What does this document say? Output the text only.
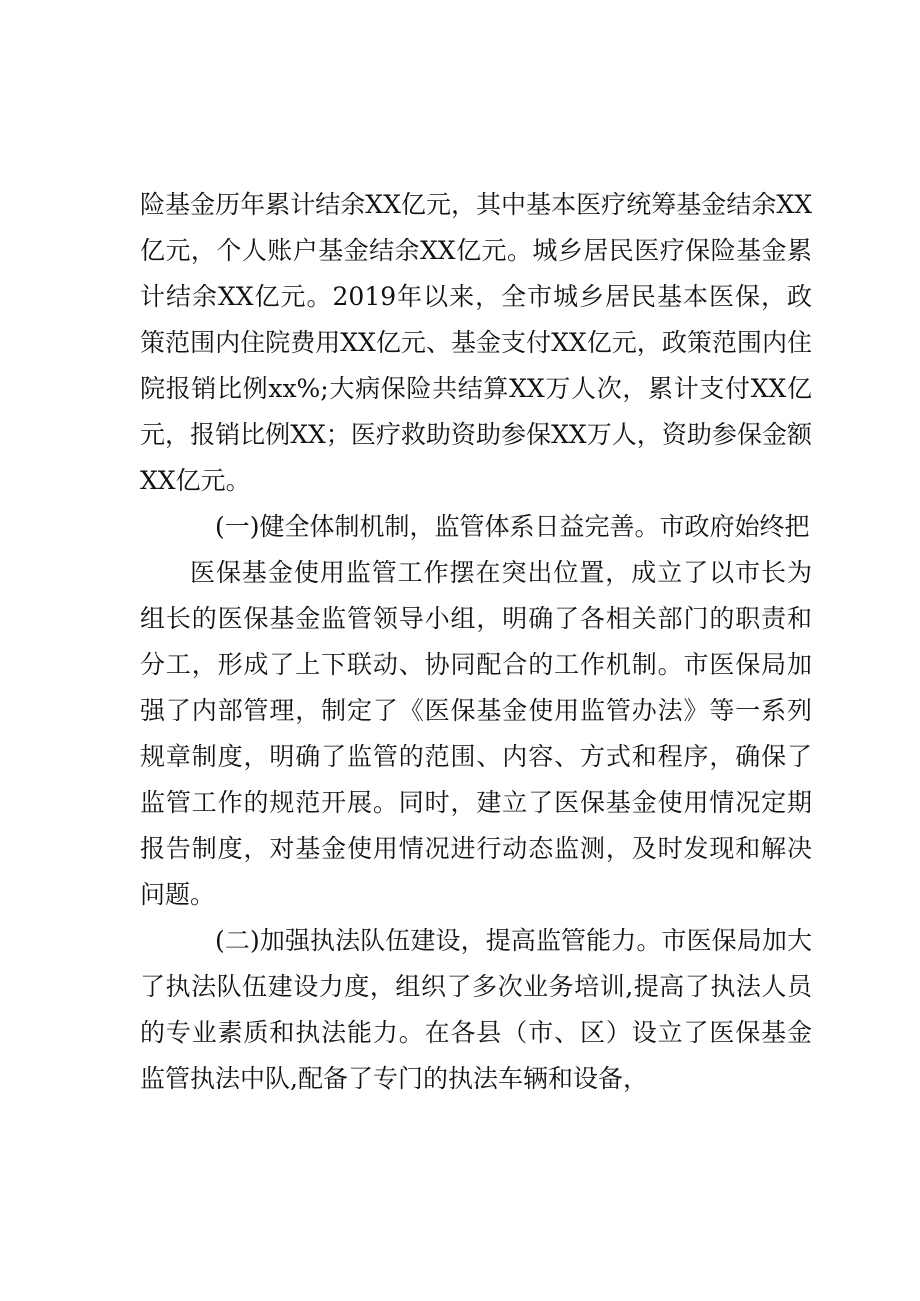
险基金历年累计结余XX亿元，其中基本医疗统筹基金结余XX亿元，个人账户基金结余XX亿元。城乡居民医疗保险基金累计结余XX亿元。2019年以来，全市城乡居民基本医保，政策范围内住院费用XX亿元、基金支付XX亿元，政策范围内住院报销比例xx%;大病保险共结算XX万人次，累计支付XX亿元，报销比例XX；医疗救助资助参保XX万人，资助参保金额XX亿元。

(一)健全体制机制，监管体系日益完善。市政府始终把

医保基金使用监管工作摆在突出位置，成立了以市长为组长的医保基金监管领导小组，明确了各相关部门的职责和分工，形成了上下联动、协同配合的工作机制。市医保局加强了内部管理，制定了《医保基金使用监管办法》等一系列规章制度，明确了监管的范围、内容、方式和程序，确保了监管工作的规范开展。同时，建立了医保基金使用情况定期报告制度，对基金使用情况进行动态监测，及时发现和解决问题。

(二)加强执法队伍建设，提高监管能力。市医保局加大了执法队伍建设力度，组织了多次业务培训,提高了执法人员的专业素质和执法能力。在各县（市、区）设立了医保基金监管执法中队,配备了专门的执法车辆和设备，
